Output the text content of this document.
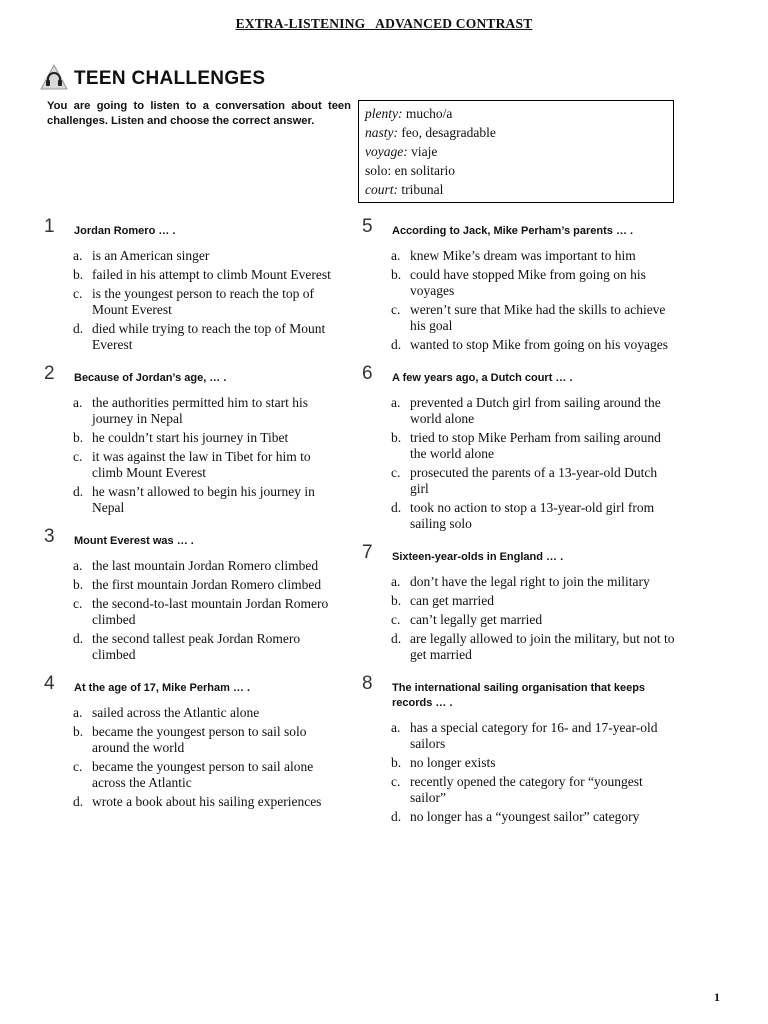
EXTRA-LISTENING_ ADVANCED CONTRAST
TEEN CHALLENGES
You are going to listen to a conversation about teen challenges. Listen and choose the correct answer.	plenty: mucho/a
nasty: feo, desagradable
voyage: viaje
solo: en solitario
court: tribunal
1 Jordan Romero … .
a. is an American singer
b. failed in his attempt to climb Mount Everest
c. is the youngest person to reach the top of Mount Everest
d. died while trying to reach the top of Mount Everest
2 Because of Jordan’s age, … .
a. the authorities permitted him to start his journey in Nepal
b. he couldn’t start his journey in Tibet
c. it was against the law in Tibet for him to climb Mount Everest
d. he wasn’t allowed to begin his journey in Nepal
3 Mount Everest was … .
a. the last mountain Jordan Romero climbed
b. the first mountain Jordan Romero climbed
c. the second-to-last mountain Jordan Romero climbed
d. the second tallest peak Jordan Romero climbed
4 At the age of 17, Mike Perham … .
a. sailed across the Atlantic alone
b. became the youngest person to sail solo around the world
c. became the youngest person to sail alone across the Atlantic
d. wrote a book about his sailing experiences
5 According to Jack, Mike Perham’s parents … .
a. knew Mike’s dream was important to him
b. could have stopped Mike from going on his voyages
c. weren’t sure that Mike had the skills to achieve his goal
d. wanted to stop Mike from going on his voyages
6 A few years ago, a Dutch court … .
a. prevented a Dutch girl from sailing around the world alone
b. tried to stop Mike Perham from sailing around the world alone
c. prosecuted the parents of a 13-year-old Dutch girl
d. took no action to stop a 13-year-old girl from sailing solo
7 Sixteen-year-olds in England … .
a. don’t have the legal right to join the military
b. can get married
c. can’t legally get married
d. are legally allowed to join the military, but not to get married
8 The international sailing organisation that keeps records … .
a. has a special category for 16- and 17-year-old sailors
b. no longer exists
c. recently opened the category for “youngest sailor”
d. no longer has a “youngest sailor” category
1
